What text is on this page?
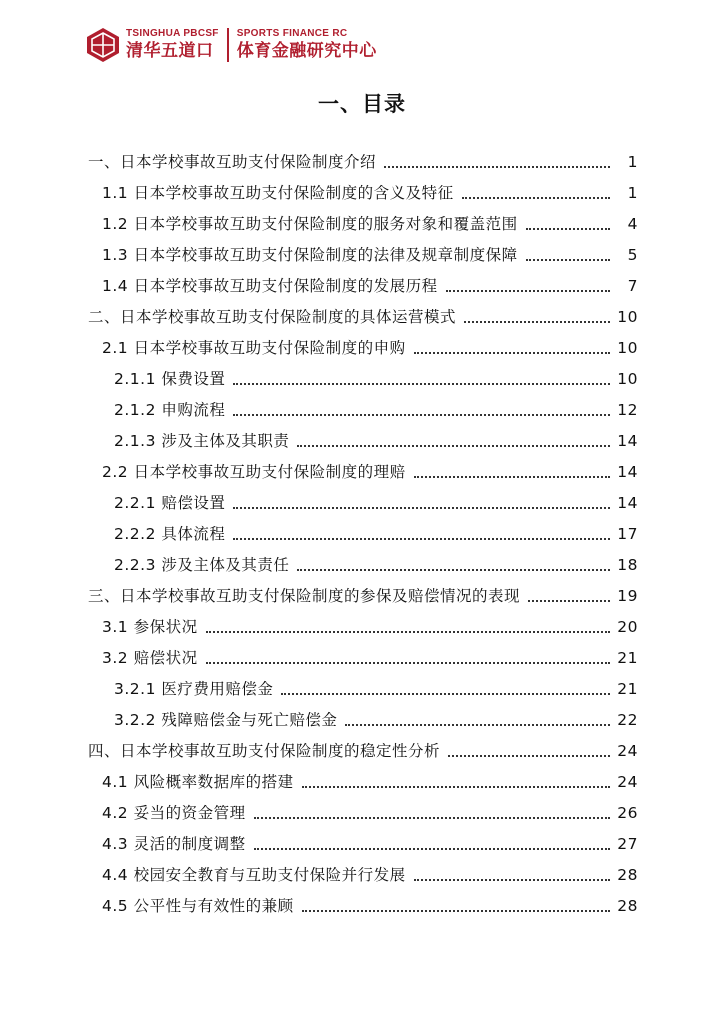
TSINGHUA PBCSF
清华五道口
SPORTS FINANCE RC
体育金融研究中心
一、目录
一、日本学校事故互助支付保险制度介绍	1
1.1 日本学校事故互助支付保险制度的含义及特征	1
1.2 日本学校事故互助支付保险制度的服务对象和覆盖范围	4
1.3 日本学校事故互助支付保险制度的法律及规章制度保障	5
1.4 日本学校事故互助支付保险制度的发展历程	7
二、日本学校事故互助支付保险制度的具体运营模式	10
2.1 日本学校事故互助支付保险制度的申购	10
2.1.1 保费设置	10
2.1.2 申购流程	12
2.1.3 涉及主体及其职责	14
2.2 日本学校事故互助支付保险制度的理赔	14
2.2.1 赔偿设置	14
2.2.2 具体流程	17
2.2.3 涉及主体及其责任	18
三、日本学校事故互助支付保险制度的参保及赔偿情况的表现	19
3.1 参保状况	20
3.2 赔偿状况	21
3.2.1 医疗费用赔偿金	21
3.2.2 残障赔偿金与死亡赔偿金	22
四、日本学校事故互助支付保险制度的稳定性分析	24
4.1 风险概率数据库的搭建	24
4.2 妥当的资金管理	26
4.3 灵活的制度调整	27
4.4 校园安全教育与互助支付保险并行发展	28
4.5 公平性与有效性的兼顾	28
